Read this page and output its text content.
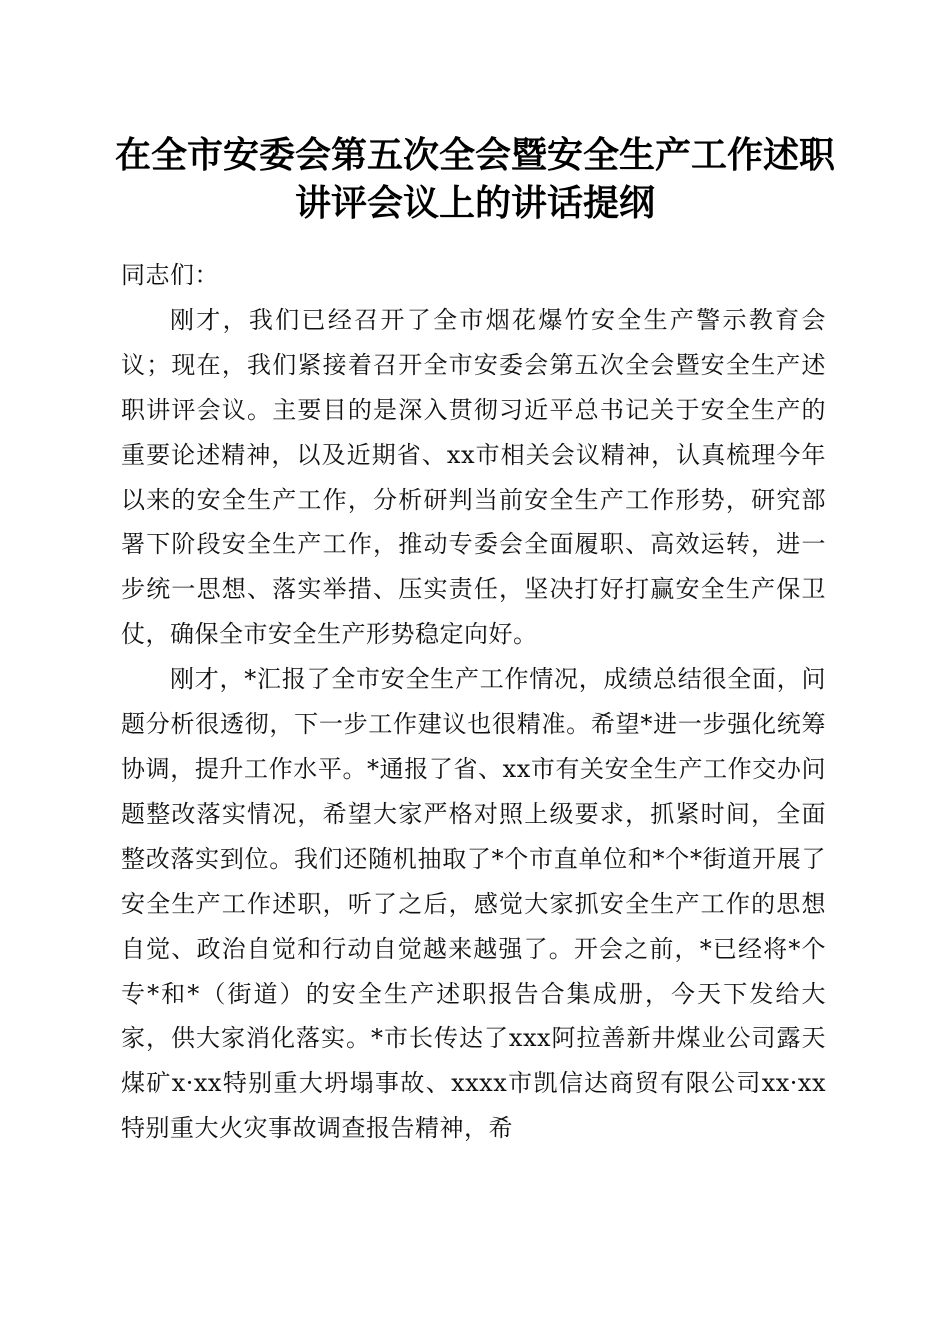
在全市安委会第五次全会暨安全生产工作述职
讲评会议上的讲话提纲

同志们：

刚才，我们已经召开了全市烟花爆竹安全生产警示教育会议；现在，我们紧接着召开全市安委会第五次全会暨安全生产述职讲评会议。主要目的是深入贯彻习近平总书记关于安全生产的重要论述精神，以及近期省、xx市相关会议精神，认真梳理今年以来的安全生产工作，分析研判当前安全生产工作形势，研究部署下阶段安全生产工作，推动专委会全面履职、高效运转，进一步统一思想、落实举措、压实责任，坚决打好打赢安全生产保卫仗，确保全市安全生产形势稳定向好。

刚才，*汇报了全市安全生产工作情况，成绩总结很全面，问题分析很透彻，下一步工作建议也很精准。希望*进一步强化统筹协调，提升工作水平。*通报了省、xx市有关安全生产工作交办问题整改落实情况，希望大家严格对照上级要求，抓紧时间，全面整改落实到位。我们还随机抽取了*个市直单位和*个*街道开展了安全生产工作述职，听了之后，感觉大家抓安全生产工作的思想自觉、政治自觉和行动自觉越来越强了。开会之前，*已经将*个专*和*（街道）的安全生产述职报告合集成册，今天下发给大家，供大家消化落实。*市长传达了xxx阿拉善新井煤业公司露天煤矿x·xx特别重大坍塌事故、xxxx市凯信达商贸有限公司xx·xx特别重大火灾事故调查报告精神，希
